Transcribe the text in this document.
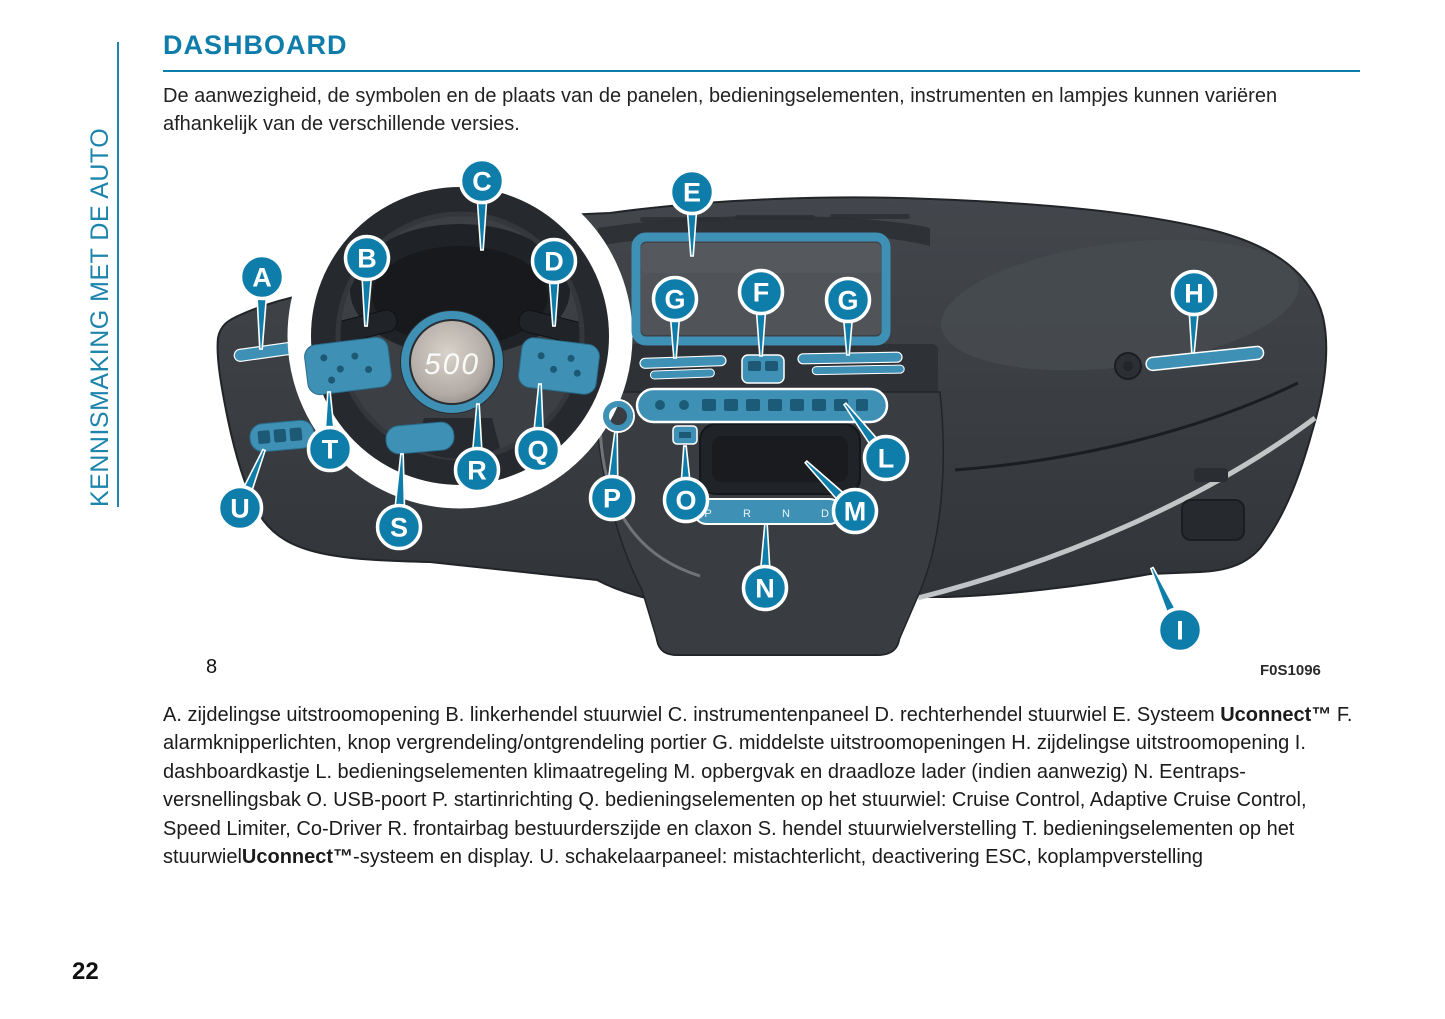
KENNISMAKING MET DE AUTO
DASHBOARD
De aanwezigheid, de symbolen en de plaats van de panelen, bedieningselementen, instrumenten en lampjes kunnen variëren afhankelijk van de verschillende versies.
500
P	R	N	D
A
B
C
D
E
G F	G	H
I
L
M
N
O
P
Q
R
S
T
U
8	F0S1096
A. zijdelingse uitstroomopening B. linkerhendel stuurwiel C. instrumentenpaneel D. rechterhendel stuurwiel E. Systeem Uconnect™ F. alarmknipperlichten, knop vergrendeling/ontgrendeling portier G. middelste uitstroomopeningen H. zijdelingse uitstroomopening I. dashboardkastje L. bedieningselementen klimaatregeling M. opbergvak en draadloze lader (indien aanwezig) N. Eentraps-versnellingsbak O. USB-poort P. startinrichting Q. bedieningselementen op het stuurwiel: Cruise Control, Adaptive Cruise Control, Speed Limiter, Co-Driver R. frontairbag bestuurderszijde en claxon S. hendel stuurwielverstelling T. bedieningselementen op het stuurwielUconnect™-systeem en display. U. schakelaarpaneel: mistachterlicht, deactivering ESC, koplampverstelling
22
